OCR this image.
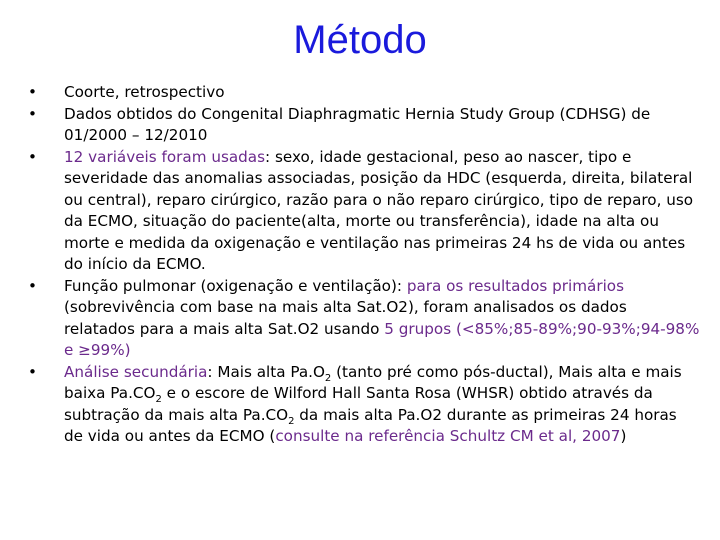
Método
• Coorte, retrospectivo
• Dados obtidos do Congenital Diaphragmatic Hernia Study Group (CDHSG) de 01/2000 – 12/2010
• 12 variáveis foram usadas: sexo, idade gestacional, peso ao nascer, tipo e severidade das anomalias associadas, posição da HDC (esquerda, direita, bilateral ou central), reparo cirúrgico, razão para o não reparo cirúrgico, tipo de reparo, uso da ECMO, situação do paciente(alta, morte ou transferência), idade na alta ou morte e medida da oxigenação e ventilação nas primeiras 24 hs de vida ou antes do início da ECMO.
• Função pulmonar (oxigenação e ventilação): para os resultados primários (sobrevivência com base na mais alta Sat.O2), foram analisados os dados relatados para a mais alta Sat.O2 usando 5 grupos (<85%;85-89%;90-93%;94-98% e ≥99%)
• Análise secundária: Mais alta $Pa.O_2$ (tanto pré como pós-ductal), Mais alta e mais baixa $Pa.CO_2$ e o escore de Wilford Hall Santa Rosa (WHSR) obtido através da subtração da mais alta $Pa.CO_2$ da mais alta Pa.O2 durante as primeiras 24 horas de vida ou antes da ECMO (consulte na referência Schultz CM et al, 2007)
